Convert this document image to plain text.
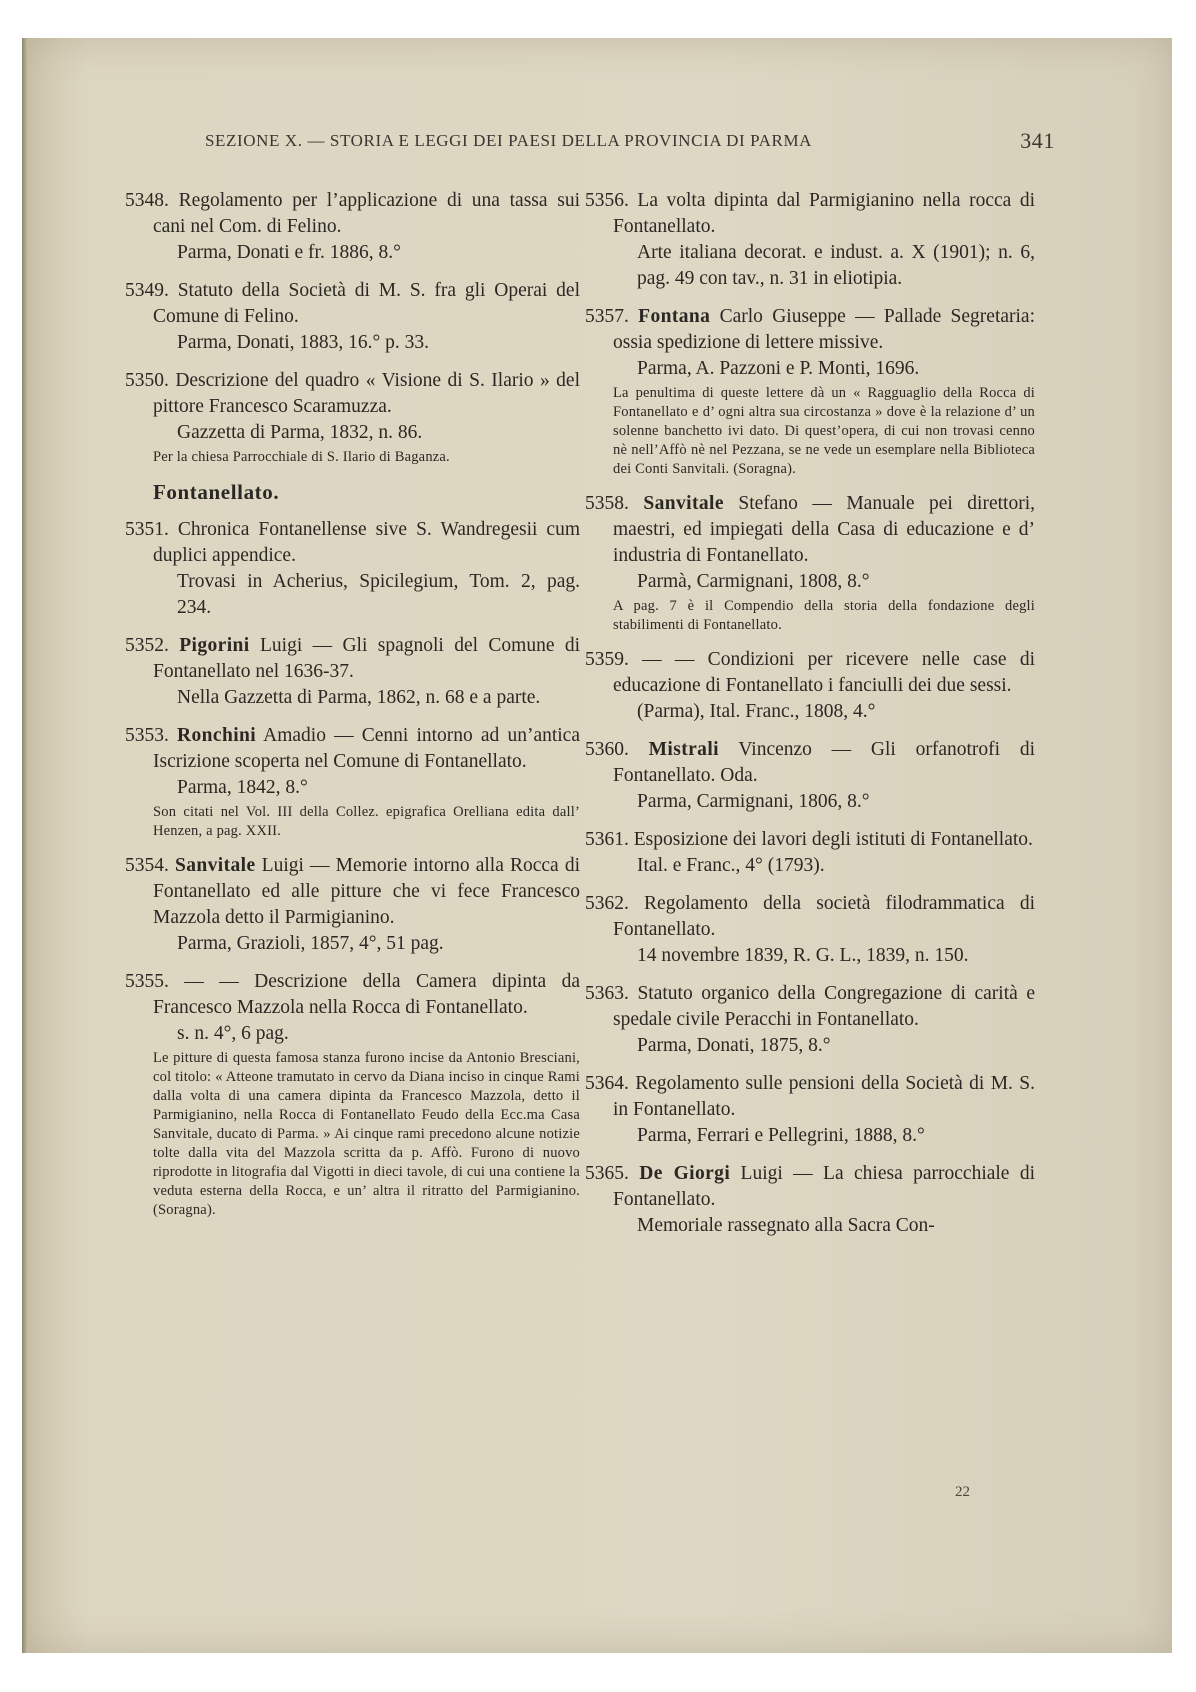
SEZIONE X. — STORIA E LEGGI DEI PAESI DELLA PROVINCIA DI PARMA	341
5348. Regolamento per l’applicazione di una tassa sui cani nel Com. di Felino.
Parma, Donati e fr. 1886, 8.°
5349. Statuto della Società di M. S. fra gli Operai del Comune di Felino.
Parma, Donati, 1883, 16.° p. 33.
5350. Descrizione del quadro « Visione di S. Ilario » del pittore Francesco Scaramuzza.
Gazzetta di Parma, 1832, n. 86.
Per la chiesa Parrocchiale di S. Ilario di Baganza.
Fontanellato.
5351. Chronica Fontanellense sive S. Wandregesii cum duplici appendice.
Trovasi in Acherius, Spicilegium, Tom. 2, pag. 234.
5352. Pigorini Luigi — Gli spagnoli del Comune di Fontanellato nel 1636-37.
Nella Gazzetta di Parma, 1862, n. 68 e a parte.
5353. Ronchini Amadio — Cenni intorno ad un’antica Iscrizione scoperta nel Comune di Fontanellato.
Parma, 1842, 8.°
Son citati nel Vol. III della Collez. epigrafica Orelliana edita dall’ Henzen, a pag. XXII.
5354. Sanvitale Luigi — Memorie intorno alla Rocca di Fontanellato ed alle pitture che vi fece Francesco Mazzola detto il Parmigianino.
Parma, Grazioli, 1857, 4°, 51 pag.
5355. — — Descrizione della Camera dipinta da Francesco Mazzola nella Rocca di Fontanellato.
s. n. 4°, 6 pag.
Le pitture di questa famosa stanza furono incise da Antonio Bresciani, col titolo: « Atteone tramutato in cervo da Diana inciso in cinque Rami dalla volta di una camera dipinta da Francesco Mazzola, detto il Parmigianino, nella Rocca di Fontanellato Feudo della Ecc.ma Casa Sanvitale, ducato di Parma. » Ai cinque rami precedono alcune notizie tolte dalla vita del Mazzola scritta da p. Affò. Furono di nuovo riprodotte in litografia dal Vigotti in dieci tavole, di cui una contiene la veduta esterna della Rocca, e un’ altra il ritratto del Parmigianino. (Soragna).
5356. La volta dipinta dal Parmigianino nella rocca di Fontanellato.
Arte italiana decorat. e indust. a. X (1901); n. 6, pag. 49 con tav., n. 31 in eliotipia.
5357. Fontana Carlo Giuseppe — Pallade Segretaria: ossia spedizione di lettere missive.
Parma, A. Pazzoni e P. Monti, 1696.
La penultima di queste lettere dà un « Ragguaglio della Rocca di Fontanellato e d’ ogni altra sua circostanza » dove è la relazione d’ un solenne banchetto ivi dato. Di quest’opera, di cui non trovasi cenno nè nell’Affò nè nel Pezzana, se ne vede un esemplare nella Biblioteca dei Conti Sanvitali. (Soragna).
5358. Sanvitale Stefano — Manuale pei direttori, maestri, ed impiegati della Casa di educazione e d’ industria di Fontanellato.
Parmà, Carmignani, 1808, 8.°
A pag. 7 è il Compendio della storia della fondazione degli stabilimenti di Fontanellato.
5359. — — Condizioni per ricevere nelle case di educazione di Fontanellato i fanciulli dei due sessi.
(Parma), Ital. Franc., 1808, 4.°
5360. Mistrali Vincenzo — Gli orfanotrofi di Fontanellato. Oda.
Parma, Carmignani, 1806, 8.°
5361. Esposizione dei lavori degli istituti di Fontanellato.
Ital. e Franc., 4° (1793).
5362. Regolamento della società filodrammatica di Fontanellato.
14 novembre 1839, R. G. L., 1839, n. 150.
5363. Statuto organico della Congregazione di carità e spedale civile Peracchi in Fontanellato.
Parma, Donati, 1875, 8.°
5364. Regolamento sulle pensioni della Società di M. S. in Fontanellato.
Parma, Ferrari e Pellegrini, 1888, 8.°
5365. De Giorgi Luigi — La chiesa parrocchiale di Fontanellato.
Memoriale rassegnato alla Sacra Con-
22
